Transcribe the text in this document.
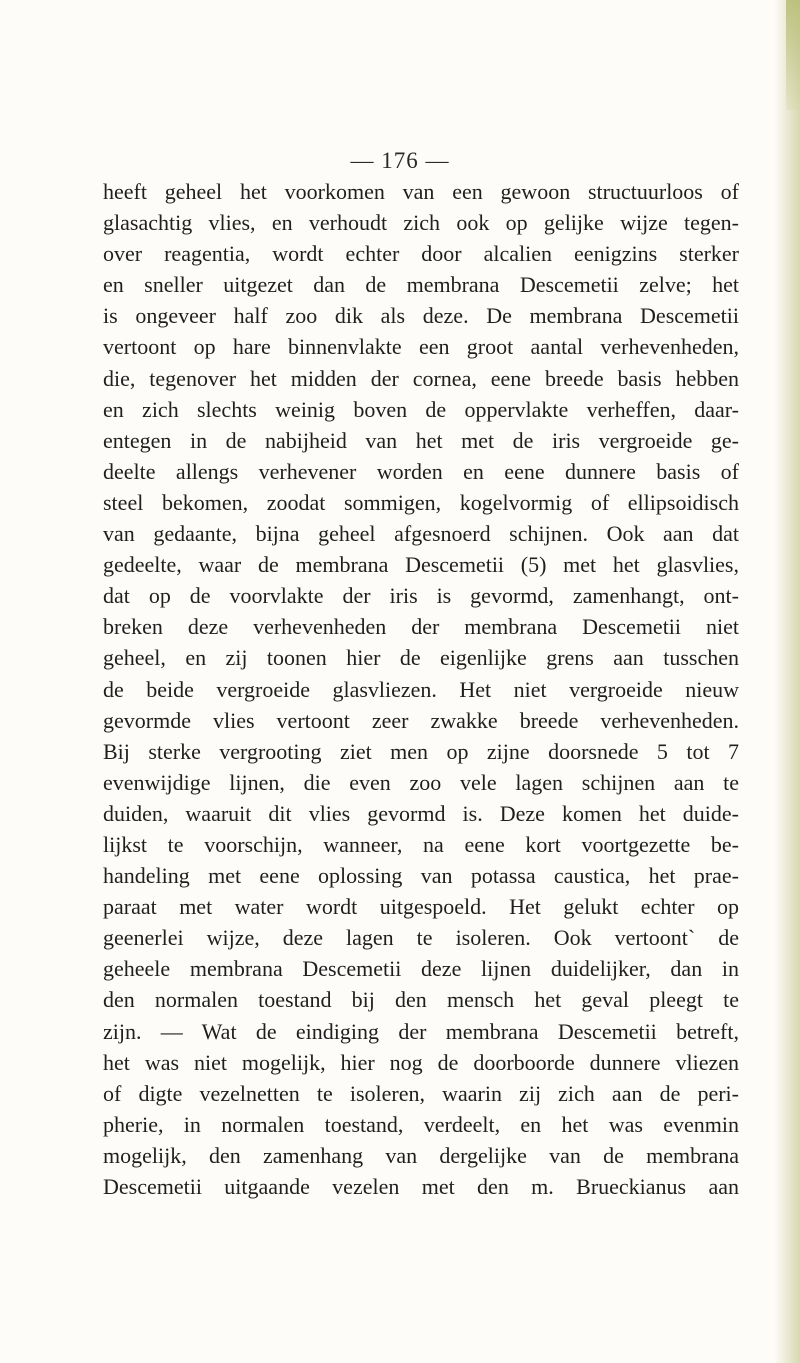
— 176 —
heeft geheel het voorkomen van een gewoon structuurloos of
glasachtig vlies, en verhoudt zich ook op gelijke wijze tegen-
over reagentia, wordt echter door alcalien eenigzins sterker
en sneller uitgezet dan de membrana Descemetii zelve; het
is ongeveer half zoo dik als deze. De membrana Descemetii
vertoont op hare binnenvlakte een groot aantal verhevenheden,
die, tegenover het midden der cornea, eene breede basis hebben
en zich slechts weinig boven de oppervlakte verheffen, daar-
entegen in de nabijheid van het met de iris vergroeide ge-
deelte allengs verhevener worden en eene dunnere basis of
steel bekomen, zoodat sommigen, kogelvormig of ellipsoidisch
van gedaante, bijna geheel afgesnoerd schijnen. Ook aan dat
gedeelte, waar de membrana Descemetii (5) met het glasvlies,
dat op de voorvlakte der iris is gevormd, zamenhangt, ont-
breken deze verhevenheden der membrana Descemetii niet
geheel, en zij toonen hier de eigenlijke grens aan tusschen
de beide vergroeide glasvliezen. Het niet vergroeide nieuw
gevormde vlies vertoont zeer zwakke breede verhevenheden.
Bij sterke vergrooting ziet men op zijne doorsnede 5 tot 7
evenwijdige lijnen, die even zoo vele lagen schijnen aan te
duiden, waaruit dit vlies gevormd is. Deze komen het duide-
lijkst te voorschijn, wanneer, na eene kort voortgezette be-
handeling met eene oplossing van potassa caustica, het prae-
paraat met water wordt uitgespoeld. Het gelukt echter op
geenerlei wijze, deze lagen te isoleren. Ook vertoont` de
geheele membrana Descemetii deze lijnen duidelijker, dan in
den normalen toestand bij den mensch het geval pleegt te
zijn. — Wat de eindiging der membrana Descemetii betreft,
het was niet mogelijk, hier nog de doorboorde dunnere vliezen
of digte vezelnetten te isoleren, waarin zij zich aan de peri-
pherie, in normalen toestand, verdeelt, en het was evenmin
mogelijk, den zamenhang van dergelijke van de membrana
Descemetii uitgaande vezelen met den m. Brueckianus aan
